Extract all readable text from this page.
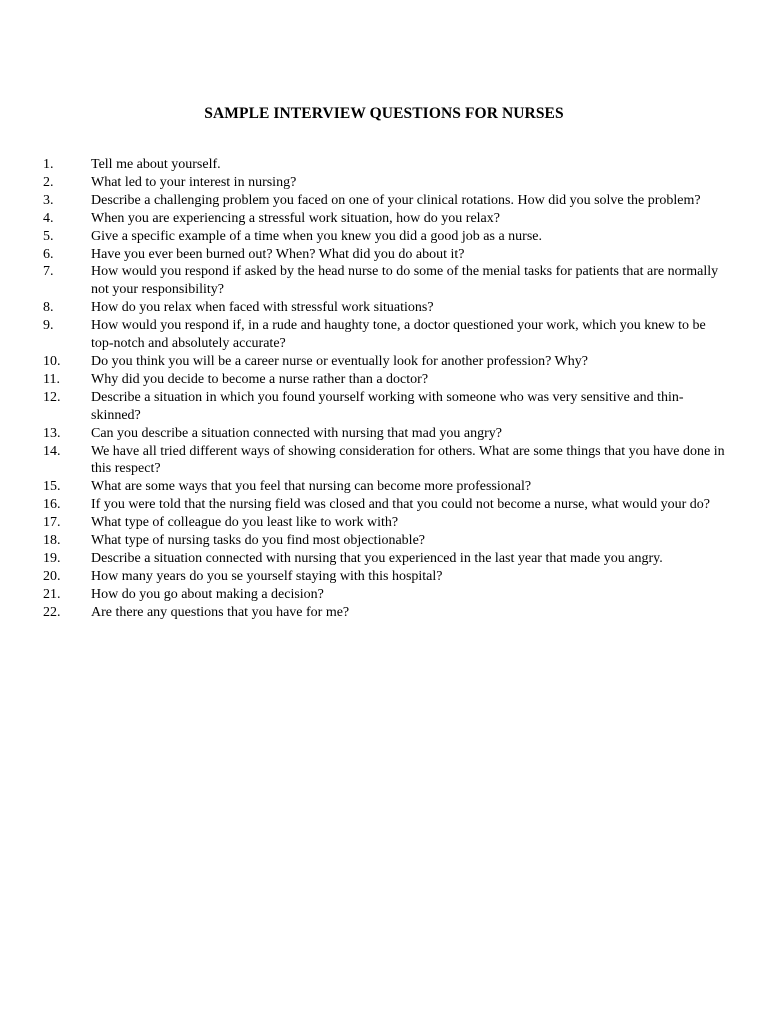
SAMPLE INTERVIEW QUESTIONS FOR NURSES
1.	Tell me about yourself.
2.	What led to your interest in nursing?
3.	Describe a challenging problem you faced on one of your clinical rotations. How did you solve the problem?
4.	When you are experiencing a stressful work situation, how do you relax?
5.	Give a specific example of a time when you knew you did a good job as a nurse.
6.	Have you ever been burned out? When? What did you do about it?
7.	How would you respond if asked by the head nurse to do some of the menial tasks for patients that are normally not your responsibility?
8.	How do you relax when faced with stressful work situations?
9.	How would you respond if, in a rude and haughty tone, a doctor questioned your work, which you knew to be top-notch and absolutely accurate?
10. Do you think you will be a career nurse or eventually look for another profession? Why?
11. Why did you decide to become a nurse rather than a doctor?
12. Describe a situation in which you found yourself working with someone who was very sensitive and thin-skinned?
13. Can you describe a situation connected with nursing that mad you angry?
14. We have all tried different ways of showing consideration for others. What are some things that you have done in this respect?
15. What are some ways that you feel that nursing can become more professional?
16. If you were told that the nursing field was closed and that you could not become a nurse, what would your do?
17. What type of colleague do you least like to work with?
18. What type of nursing tasks do you find most objectionable?
19. Describe a situation connected with nursing that you experienced in the last year that made you angry.
20. How many years do you se yourself staying with this hospital?
21. How do you go about making a decision?
22. Are there any questions that you have for me?
